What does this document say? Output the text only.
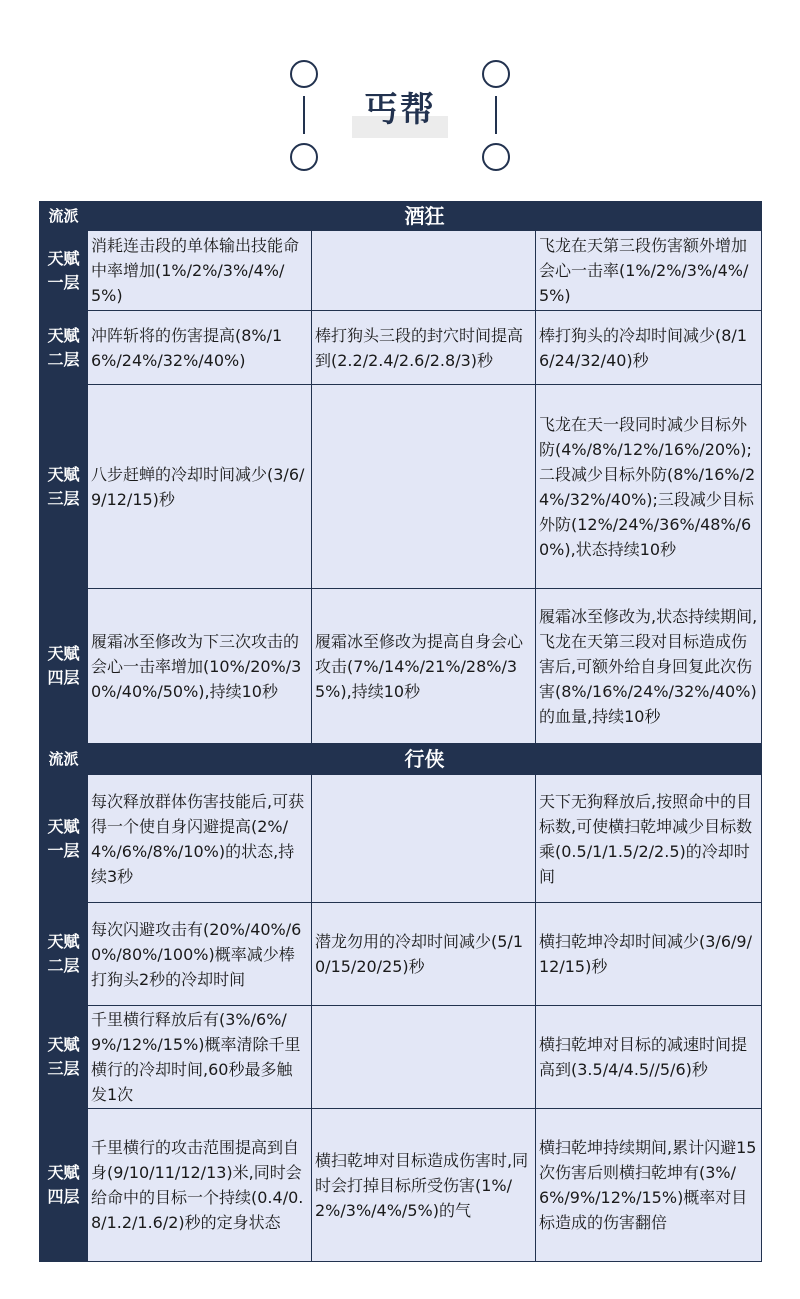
丐帮
流派	酒狂		
天赋一层	消耗连击段的单体输出技能命中率增加(1%/2%/3%/4%/5%)		飞龙在天第三段伤害额外增加会心一击率(1%/2%/3%/4%/5%)
天赋二层	冲阵斩将的伤害提高(8%/16%/24%/32%/40%)	棒打狗头三段的封穴时间提高到(2.2/2.4/2.6/2.8/3)秒	棒打狗头的冷却时间减少(8/16/24/32/40)秒
天赋三层	八步赶蝉的冷却时间减少(3/6/9/12/15)秒		飞龙在天一段同时减少目标外防(4%/8%/12%/16%/20%);二段减少目标外防(8%/16%/24%/32%/40%);三段减少目标外防(12%/24%/36%/48%/60%),状态持续10秒
天赋四层	履霜冰至修改为下三次攻击的会心一击率增加(10%/20%/30%/40%/50%),持续10秒	履霜冰至修改为提高自身会心攻击(7%/14%/21%/28%/35%),持续10秒	履霜冰至修改为,状态持续期间,飞龙在天第三段对目标造成伤害后,可额外给自身回复此次伤害(8%/16%/24%/32%/40%)的血量,持续10秒
流派	行侠		
天赋一层	每次释放群体伤害技能后,可获得一个使自身闪避提高(2%/4%/6%/8%/10%)的状态,持续3秒		天下无狗释放后,按照命中的目标数,可使横扫乾坤减少目标数乘(0.5/1/1.5/2/2.5)的冷却时间
天赋二层	每次闪避攻击有(20%/40%/60%/80%/100%)概率减少棒打狗头2秒的冷却时间	潜龙勿用的冷却时间减少(5/10/15/20/25)秒	横扫乾坤冷却时间减少(3/6/9/12/15)秒
天赋三层	千里横行释放后有(3%/6%/9%/12%/15%)概率清除千里横行的冷却时间,60秒最多触发1次		横扫乾坤对目标的减速时间提高到(3.5/4/4.5//5/6)秒
天赋四层	千里横行的攻击范围提高到自身(9/10/11/12/13)米,同时会给命中的目标一个持续(0.4/0.8/1.2/1.6/2)秒的定身状态	横扫乾坤对目标造成伤害时,同时会打掉目标所受伤害(1%/2%/3%/4%/5%)的气	横扫乾坤持续期间,累计闪避15次伤害后则横扫乾坤有(3%/6%/9%/12%/15%)概率对目标造成的伤害翻倍
